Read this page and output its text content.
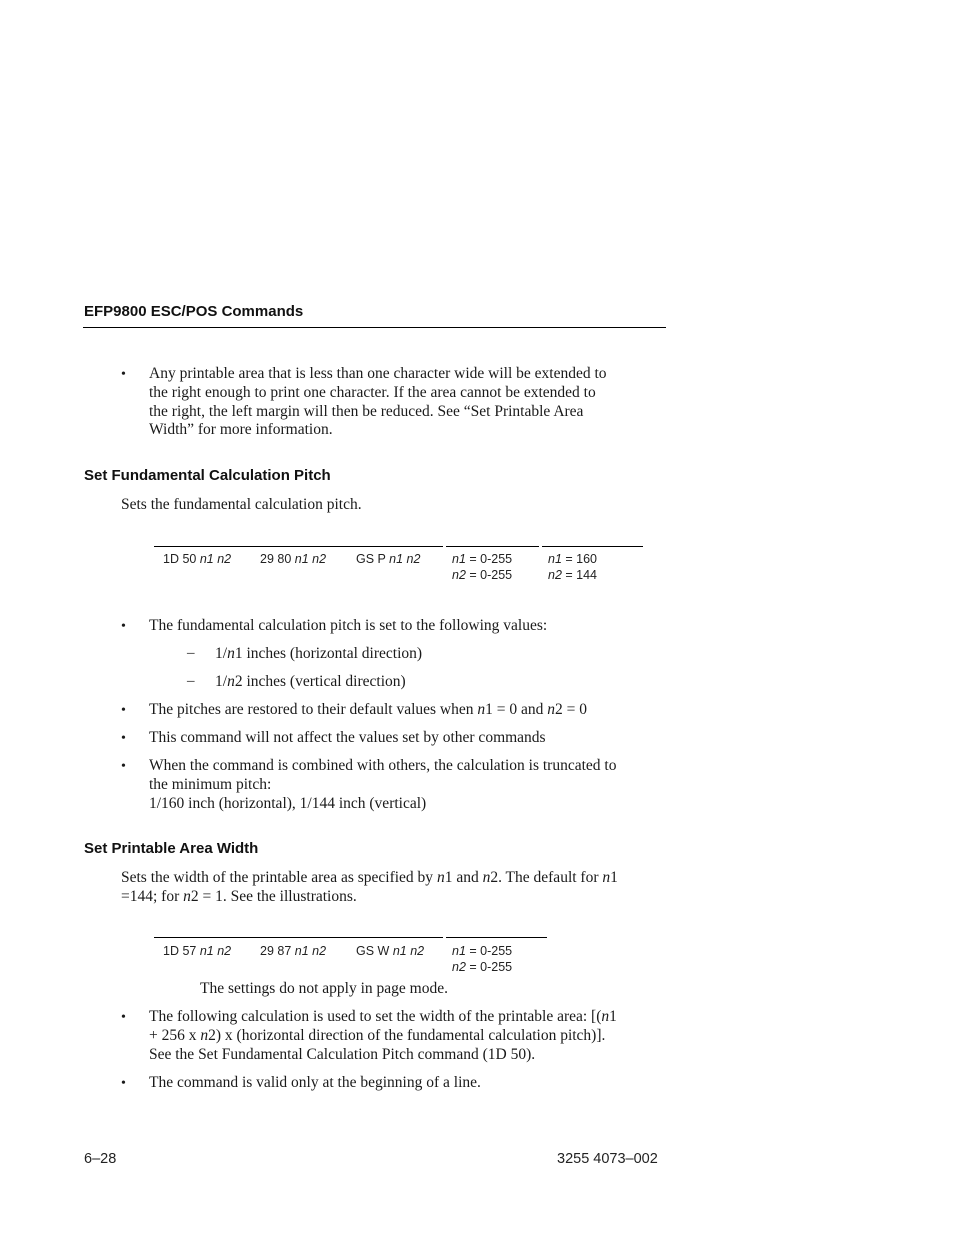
EFP9800 ESC/POS Commands
• Any printable area that is less than one character wide will be extended to
the right enough to print one character. If the area cannot be extended to
the right, the left margin will then be reduced. See “Set Printable Area
Width” for more information.
Set Fundamental Calculation Pitch
Sets the fundamental calculation pitch.
1D 50 n1 n2 29 80 n1 n2 GS P n1 n2	n1 = 0-255
n2 = 0-255
n1 = 160
n2 = 144
• The fundamental calculation pitch is set to the following values:
– 1/n1 inches (horizontal direction)
– 1/n2 inches (vertical direction)
• The pitches are restored to their default values when n1 = 0 and n2 = 0
• This command will not affect the values set by other commands
• When the command is combined with others, the calculation is truncated to
the minimum pitch:
1/160 inch (horizontal), 1/144 inch (vertical)
Set Printable Area Width
Sets the width of the printable area as specified by n1 and n2. The default for n1
=144; for n2 = 1. See the illustrations.
1D 57 n1 n2 29 87 n1 n2 GS W n1 n2 n1 = 0-255
n2 = 0-255
The settings do not apply in page mode.
• The following calculation is used to set the width of the printable area: [(n1
+ 256 x n2) x (horizontal direction of the fundamental calculation pitch)].
See the Set Fundamental Calculation Pitch command (1D 50).
• The command is valid only at the beginning of a line.
6–28	3255 4073–002
